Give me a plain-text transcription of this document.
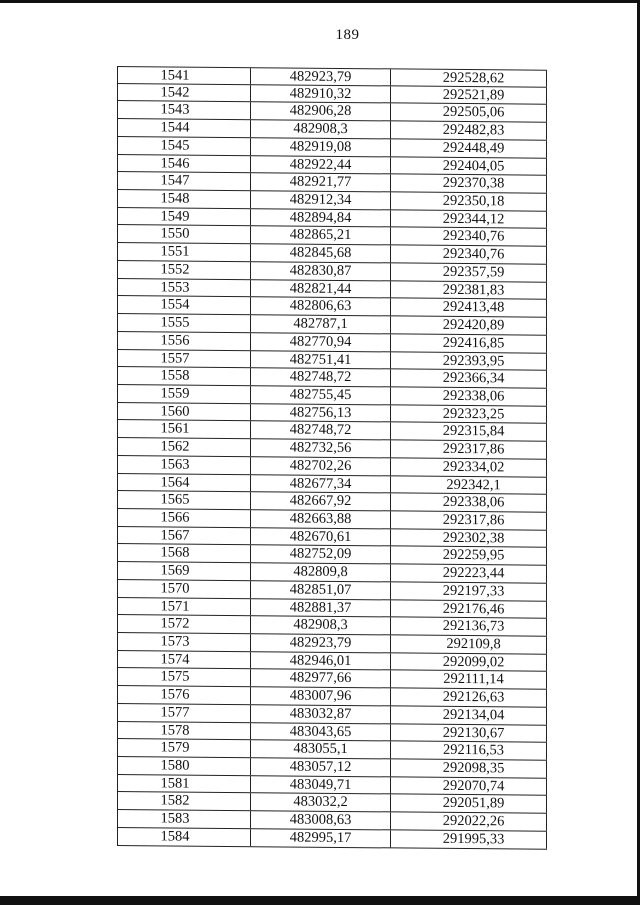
189
1541	482923,79	292528,62
1542	482910,32	292521,89
1543	482906,28	292505,06
1544	482908,3	292482,83
1545	482919,08	292448,49
1546	482922,44	292404,05
1547	482921,77	292370,38
1548	482912,34	292350,18
1549	482894,84	292344,12
1550	482865,21	292340,76
1551	482845,68	292340,76
1552	482830,87	292357,59
1553	482821,44	292381,83
1554	482806,63	292413,48
1555	482787,1	292420,89
1556	482770,94	292416,85
1557	482751,41	292393,95
1558	482748,72	292366,34
1559	482755,45	292338,06
1560	482756,13	292323,25
1561	482748,72	292315,84
1562	482732,56	292317,86
1563	482702,26	292334,02
1564	482677,34	292342,1
1565	482667,92	292338,06
1566	482663,88	292317,86
1567	482670,61	292302,38
1568	482752,09	292259,95
1569	482809,8	292223,44
1570	482851,07	292197,33
1571	482881,37	292176,46
1572	482908,3	292136,73
1573	482923,79	292109,8
1574	482946,01	292099,02
1575	482977,66	292111,14
1576	483007,96	292126,63
1577	483032,87	292134,04
1578	483043,65	292130,67
1579	483055,1	292116,53
1580	483057,12	292098,35
1581	483049,71	292070,74
1582	483032,2	292051,89
1583	483008,63	292022,26
1584	482995,17	291995,33
